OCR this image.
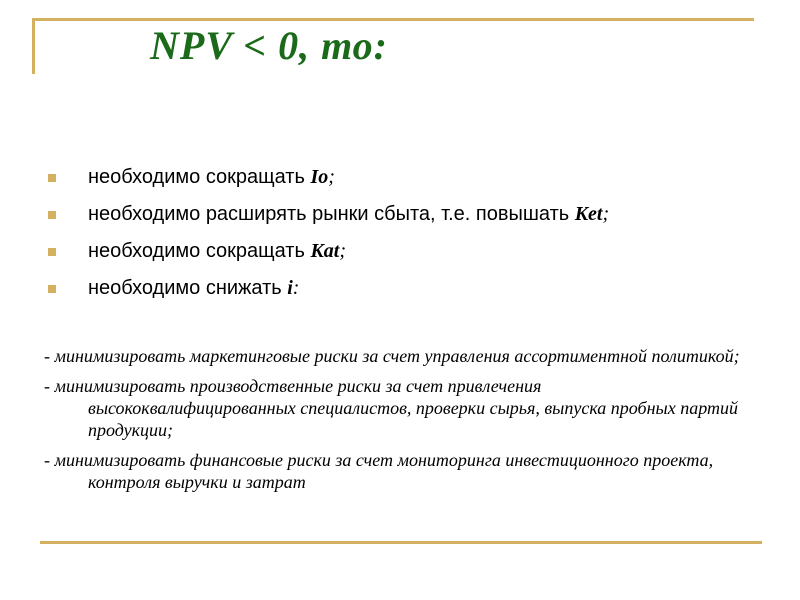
NPV < 0, то:
необходимо сокращать Io;
необходимо расширять рынки сбыта, т.е. повышать Ket;
необходимо сокращать Kat;
необходимо снижать i:
- минимизировать маркетинговые риски за счет управления ассортиментной политикой;
- минимизировать производственные риски за счет привлечения высококвалифицированных специалистов, проверки сырья, выпуска пробных партий продукции;
- минимизировать финансовые риски за счет мониторинга инвестиционного проекта, контроля выручки и затрат
